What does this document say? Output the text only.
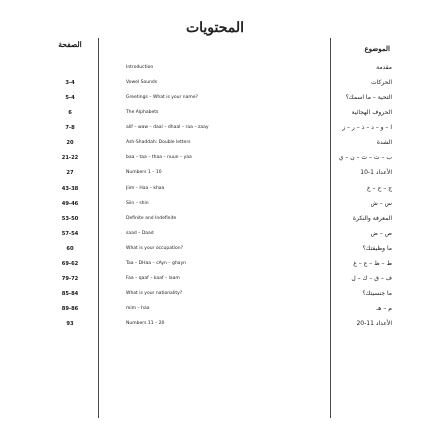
المحتويات
الصفحة	الموضوع
Introduction	مقدمة
3-4	Vowel Sounds	الحركات
5-4	Greetings – What is your name?	التحية – ما اسمك؟
6	The Alphabets	الحروف الهجائية
7-8	alif – waw – daal – dhaal – raa – zaay	ا – و – د – ذ – ر – ز
20	Ash-Shaddah: Double letters	الشدة
21-22	baa – taa – thaa – nuun – yaa	ب – ت – ث – ن – ي
27	Numbers 1 – 10	الأعداد 1-10
43-38	Jiim – Haa – khaa	ج – ح – خ
49-46	Siin – shin	س – ش
53-50	Definite and Indefinite	المعرفة والنكرة
57-54	saad – Daad	ص – ض
60	What is your occupation?	ما وظيفتك؟
69-62	Taa – DHaa – cAyn – ghayn	ط – ظ – ع – غ
79-72	Faa – qaaf – kaaf – laam	ف – ق – ك – ل
85-84	What is your nationality?	ما جنسيتك؟
89-86	mim – haa	م – هـ
93	Numbers 11 – 20	الأعداد 11-20
